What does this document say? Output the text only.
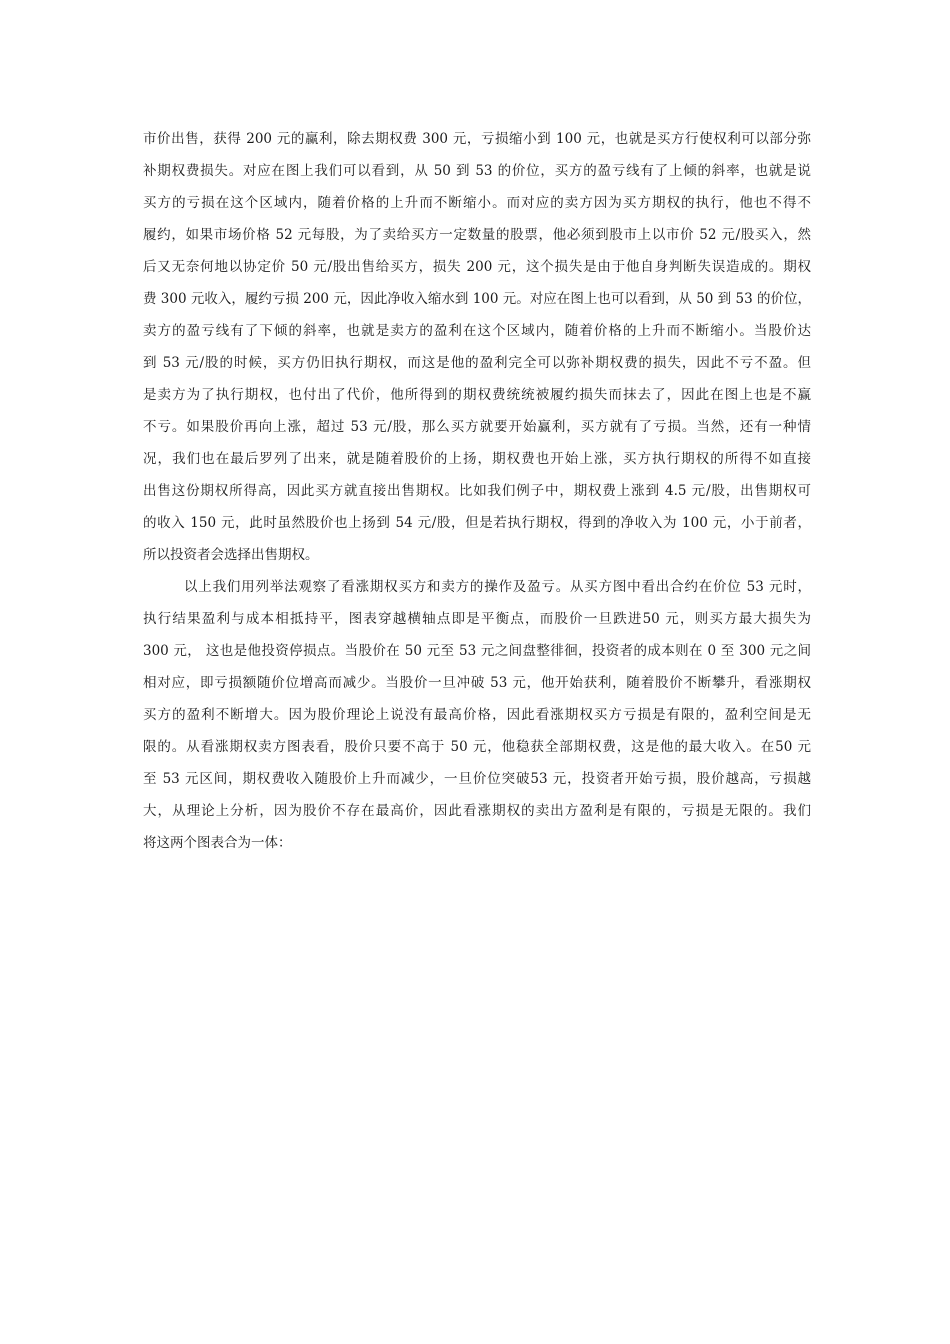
市价出售，获得 200 元的赢利，除去期权费 300 元，亏损缩小到 100 元，也就是买方行使权利可以部分弥
补期权费损失。对应在图上我们可以看到，从 50 到 53 的价位，买方的盈亏线有了上倾的斜率，也就是说
买方的亏损在这个区域内，随着价格的上升而不断缩小。而对应的卖方因为买方期权的执行，他也不得不
履约，如果市场价格 52 元每股，为了卖给买方一定数量的股票，他必须到股市上以市价 52 元/股买入，然
后又无奈何地以协定价 50 元/股出售给买方，损失 200 元，这个损失是由于他自身判断失误造成的。期权
费 300 元收入，履约亏损 200 元，因此净收入缩水到 100 元。对应在图上也可以看到，从 50 到 53 的价位，
卖方的盈亏线有了下倾的斜率，也就是卖方的盈利在这个区域内，随着价格的上升而不断缩小。当股价达
到 53 元/股的时候，买方仍旧执行期权，而这是他的盈利完全可以弥补期权费的损失，因此不亏不盈。但
是卖方为了执行期权，也付出了代价，他所得到的期权费统统被履约损失而抹去了，因此在图上也是不赢
不亏。如果股价再向上涨，超过 53 元/股，那么买方就要开始赢利，买方就有了亏损。当然，还有一种情
况，我们也在最后罗列了出来，就是随着股价的上扬，期权费也开始上涨，买方执行期权的所得不如直接
出售这份期权所得高，因此买方就直接出售期权。比如我们例子中，期权费上涨到 4.5 元/股，出售期权可
的收入 150 元，此时虽然股价也上扬到 54 元/股，但是若执行期权，得到的净收入为 100 元，小于前者，
所以投资者会选择出售期权。
以上我们用列举法观察了看涨期权买方和卖方的操作及盈亏。从买方图中看出合约在价位 53 元时，
执行结果盈利与成本相抵持平，图表穿越横轴点即是平衡点，而股价一旦跌进50 元，则买方最大损失为
300 元， 这也是他投资停损点。当股价在 50 元至 53 元之间盘整徘徊，投资者的成本则在 0 至 300 元之间
相对应，即亏损额随价位增高而减少。当股价一旦冲破 53 元，他开始获利，随着股价不断攀升，看涨期权
买方的盈利不断增大。因为股价理论上说没有最高价格，因此看涨期权买方亏损是有限的，盈利空间是无
限的。从看涨期权卖方图表看，股价只要不高于 50 元，他稳获全部期权费，这是他的最大收入。在50 元
至 53 元区间，期权费收入随股价上升而减少，一旦价位突破53 元，投资者开始亏损，股价越高，亏损越
大，从理论上分析，因为股价不存在最高价，因此看涨期权的卖出方盈利是有限的，亏损是无限的。我们
将这两个图表合为一体：
